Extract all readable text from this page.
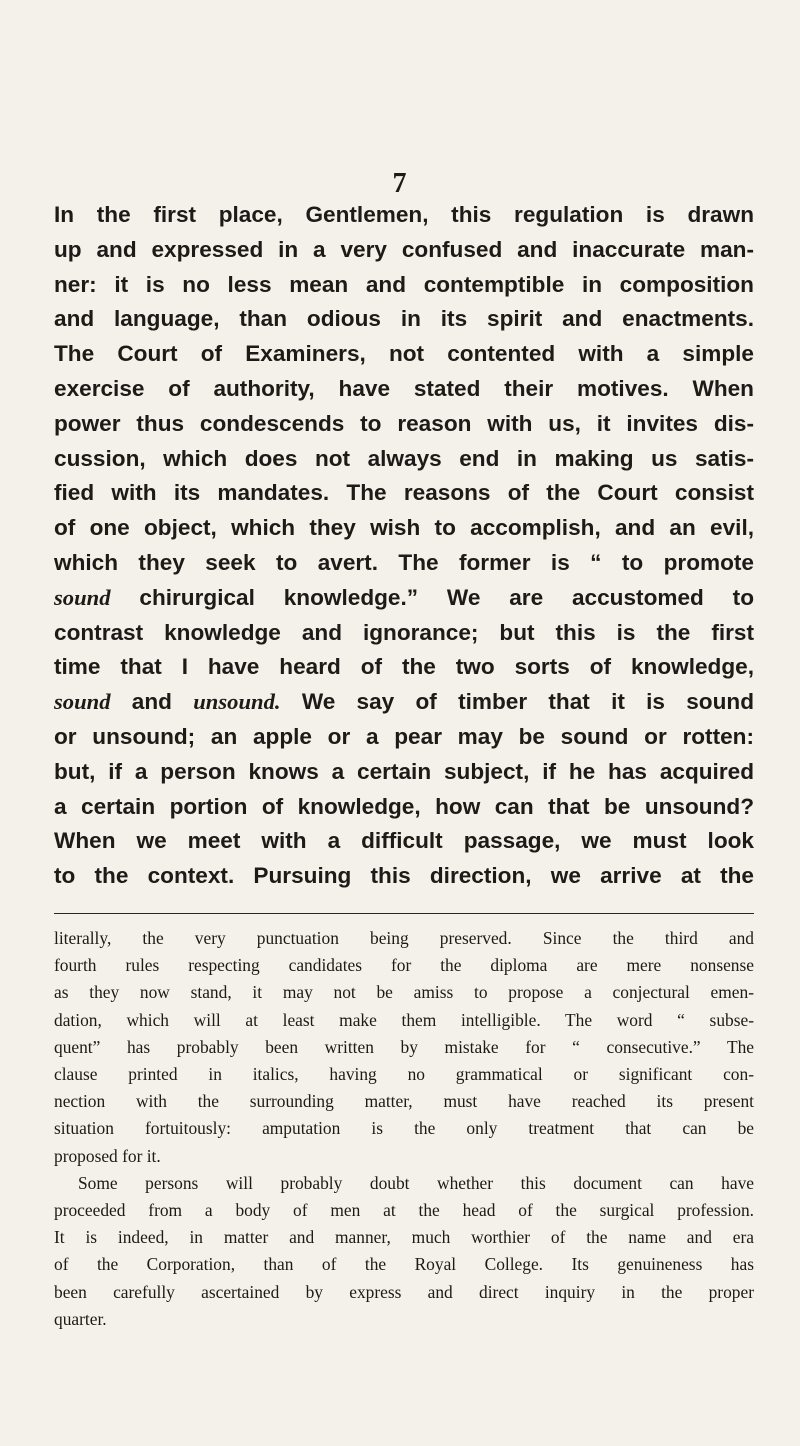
7
In the first place, Gentlemen, this regulation is drawn
up and expressed in a very confused and inaccurate man-
ner: it is no less mean and contemptible in composition
and language, than odious in its spirit and enactments.
The Court of Examiners, not contented with a simple
exercise of authority, have stated their motives. When
power thus condescends to reason with us, it invites dis-
cussion, which does not always end in making us satis-
fied with its mandates. The reasons of the Court consist
of one object, which they wish to accomplish, and an evil,
which they seek to avert. The former is “ to promote
sound chirurgical knowledge.” We are accustomed to
contrast knowledge and ignorance; but this is the first
time that I have heard of the two sorts of knowledge,
sound and unsound. We say of timber that it is sound
or unsound; an apple or a pear may be sound or rotten:
but, if a person knows a certain subject, if he has acquired
a certain portion of knowledge, how can that be unsound?
When we meet with a difficult passage, we must look
to the context. Pursuing this direction, we arrive at the
literally, the very punctuation being preserved. Since the third and
fourth rules respecting candidates for the diploma are mere nonsense
as they now stand, it may not be amiss to propose a conjectural emen-
dation, which will at least make them intelligible. The word “ subse-
quent” has probably been written by mistake for “ consecutive.” The
clause printed in italics, having no grammatical or significant con-
nection with the surrounding matter, must have reached its present
situation fortuitously: amputation is the only treatment that can be
proposed for it.
Some persons will probably doubt whether this document can have
proceeded from a body of men at the head of the surgical profession.
It is indeed, in matter and manner, much worthier of the name and era
of the Corporation, than of the Royal College. Its genuineness has
been carefully ascertained by express and direct inquiry in the proper
quarter.
